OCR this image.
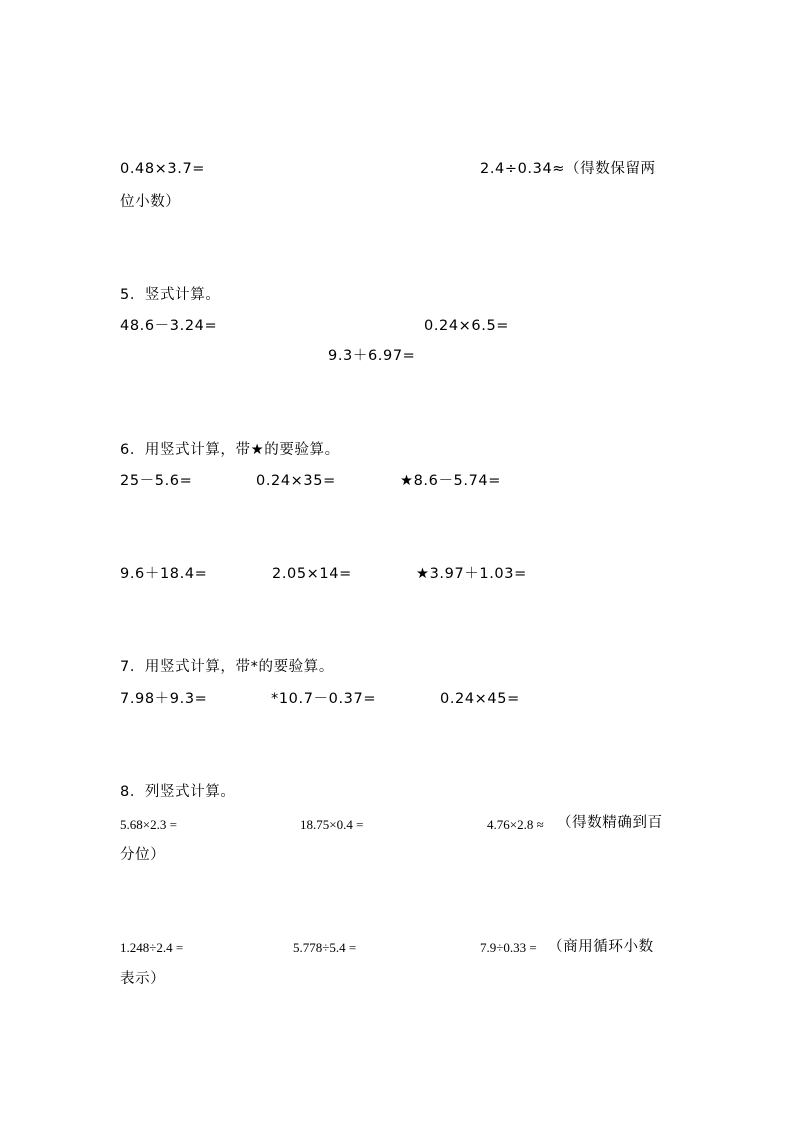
0.48×3.7=	2.4÷0.34≈（得数保留两
位小数）
5．竖式计算。
48.6－3.24=	0.24×6.5=
9.3＋6.97=
6．用竖式计算，带★的要验算。
25－5.6=	0.24×35=	★8.6－5.74=
9.6＋18.4=	2.05×14=	★3.97＋1.03=
7．用竖式计算，带*的要验算。
7.98＋9.3=	*10.7－0.37=	0.24×45=
8．列竖式计算。
5.68×2.3 =	18.75×0.4 =	4.76×2.8 ≈ （得数精确到百
分位）
1.248÷2.4 =	5.778÷5.4 =	7.9÷0.33 = （商用循环小数
表示）
